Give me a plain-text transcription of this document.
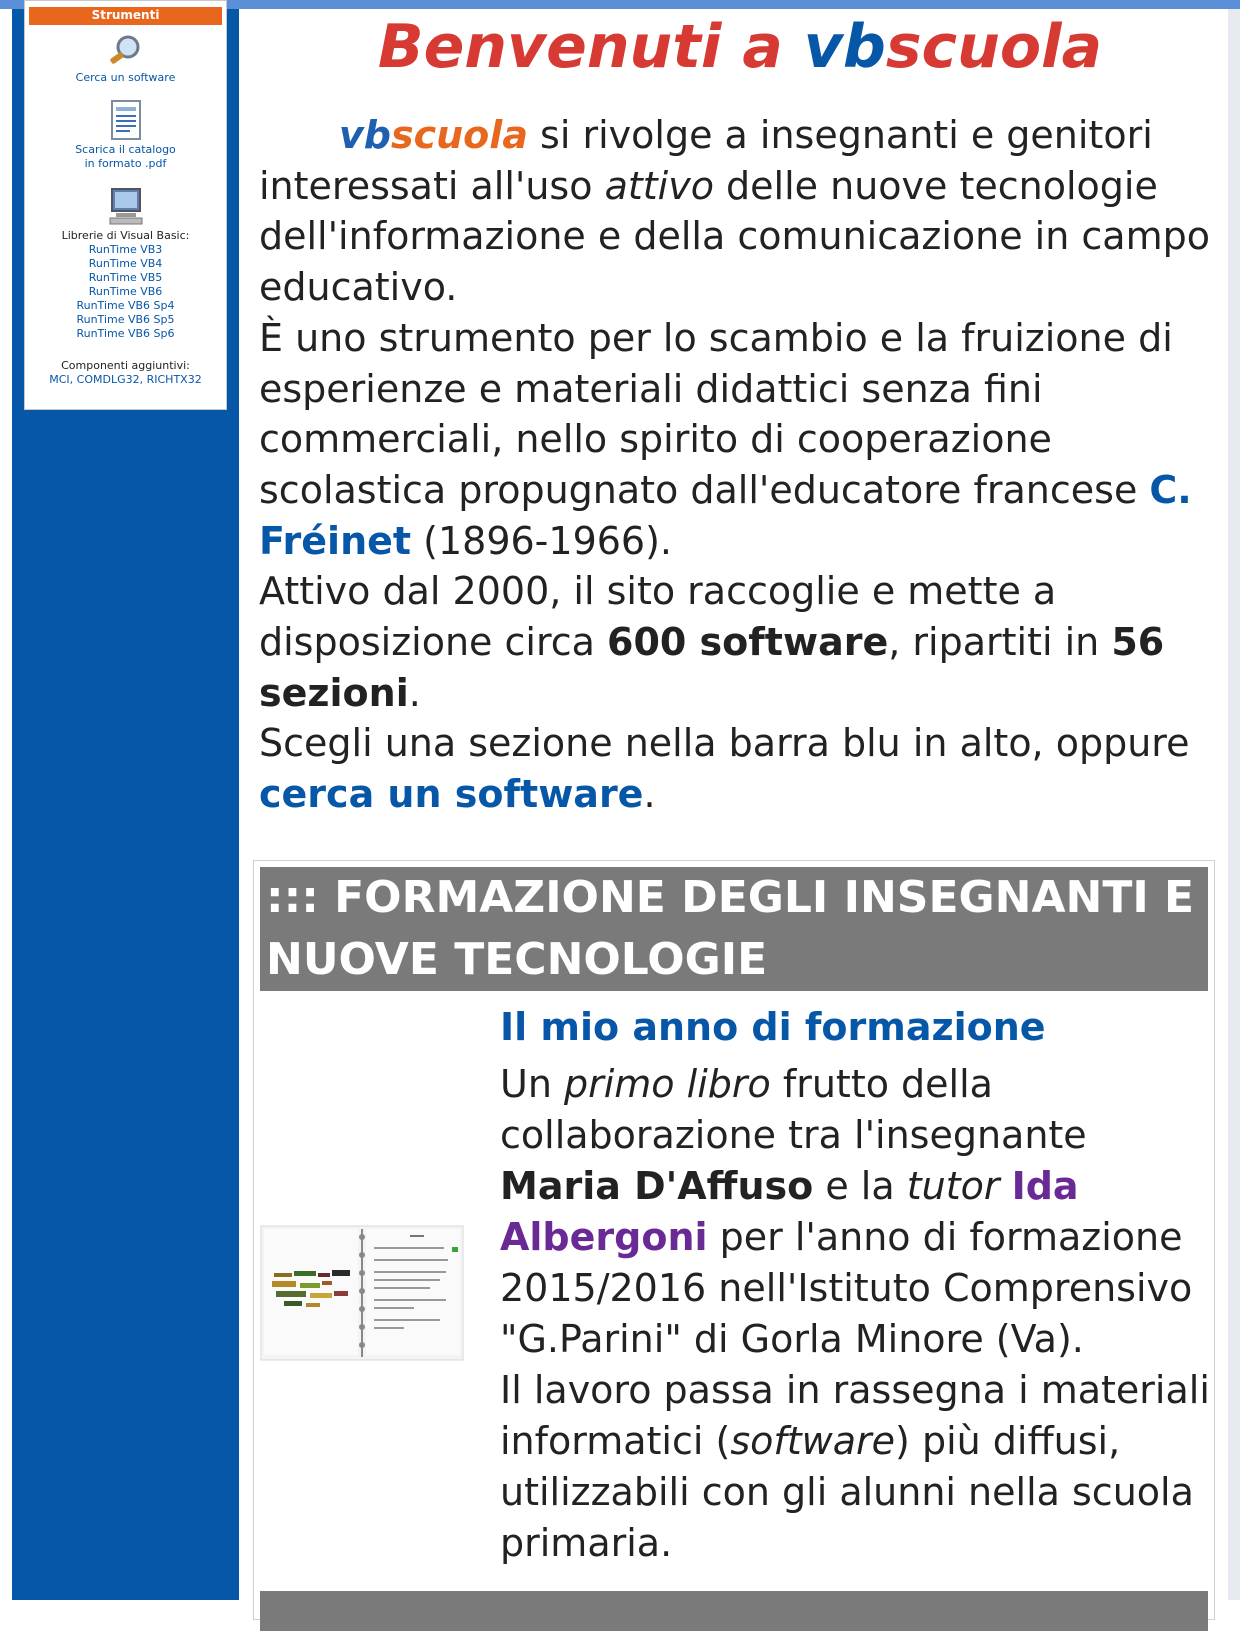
Strumenti
Cerca un software
Scarica il catalogo
in formato .pdf
Librerie di Visual Basic:
RunTime VB3
RunTime VB4
RunTime VB5
RunTime VB6
RunTime VB6 Sp4
RunTime VB6 Sp5
RunTime VB6 Sp6
Componenti aggiuntivi:
MCI, COMDLG32, RICHTX32
Benvenuti a vbscuola
vbscuola si rivolge a insegnanti e genitori interessati all'uso attivo delle nuove tecnologie dell'informazione e della comunicazione in campo educativo.
È uno strumento per lo scambio e la fruizione di esperienze e materiali didattici senza fini commerciali, nello spirito di cooperazione scolastica propugnato dall'educatore francese C. Fréinet (1896-1966).
Attivo dal 2000, il sito raccoglie e mette a disposizione circa 600 software, ripartiti in 56 sezioni.
Scegli una sezione nella barra blu in alto, oppure cerca un software.
::: FORMAZIONE DEGLI INSEGNANTI E NUOVE TECNOLOGIE
Il mio anno di formazione
Un primo libro frutto della collaborazione tra l'insegnante Maria D'Affuso e la tutor Ida Albergoni per l'anno di formazione 2015/2016 nell'Istituto Comprensivo "G.Parini" di Gorla Minore (Va).
Il lavoro passa in rassegna i materiali informatici (software) più diffusi, utilizzabili con gli alunni nella scuola primaria.
